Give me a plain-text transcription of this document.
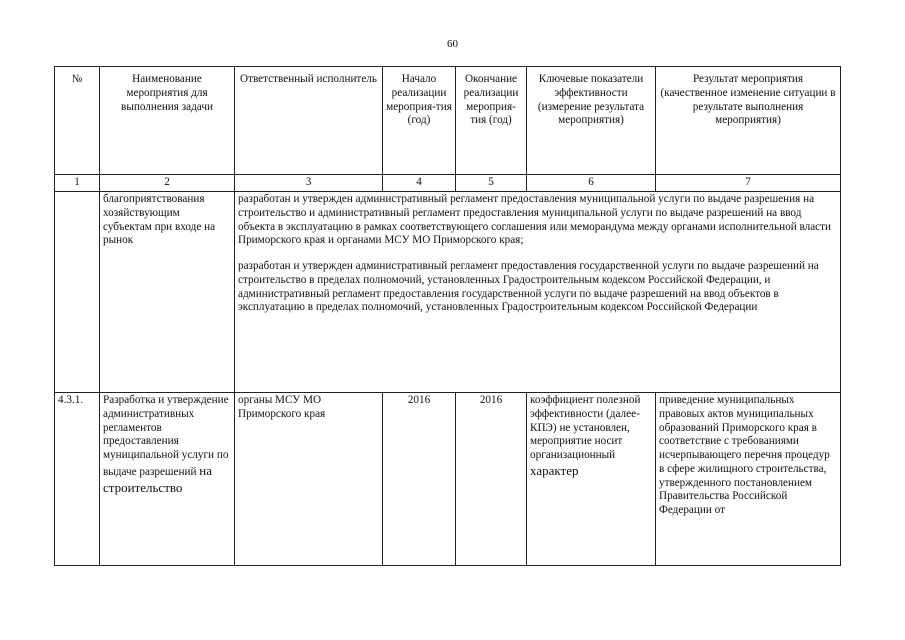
60
№	Наименование мероприятия для выполнения задачи	Ответственный исполнитель	Начало реализации мероприя-тия (год)	Окончание реализации мероприя-тия (год)	Ключевые показатели эффективности (измерение результата мероприятия)	Результат мероприятия (качественное изменение ситуации в результате выполнения мероприятия)
1	2	3	4	5	6	7
	благоприятствования хозяйствующим субъектам при входе на рынок	разработан и утвержден административный регламент предоставления муниципальной услуги по выдаче разрешения на строительство и административный регламент предоставления муниципальной услуги по выдаче разрешений на ввод объекта в эксплуатацию в рамках соответствующего соглашения или меморандума между органами исполнительной власти Приморского края и органами МСУ МО Приморского края;

разработан и утвержден административный регламент предоставления государственной услуги по выдаче разрешений на строительство в пределах полномочий, установленных Градостроительным кодексом Российской Федерации, и административный регламент предоставления государственной услуги по выдаче разрешений на ввод объектов в эксплуатацию в пределах полномочий, установленных Градостроительным кодексом Российской Федерации				

4.3.1.	Разработка и утверждение административных регламентов предоставления муниципальной услуги по выдаче разрешений на строительство	органы МСУ МО Приморского края	2016	2016	коэффициент полезной эффективности (далее-КПЭ) не установлен, мероприятие носит организационный характер	приведение муниципальных правовых актов муниципальных образований Приморского края в соответствие с требованиями исчерпывающего перечня процедур в сфере жилищного строительства, утвержденного постановлением Правительства Российской Федерации от
